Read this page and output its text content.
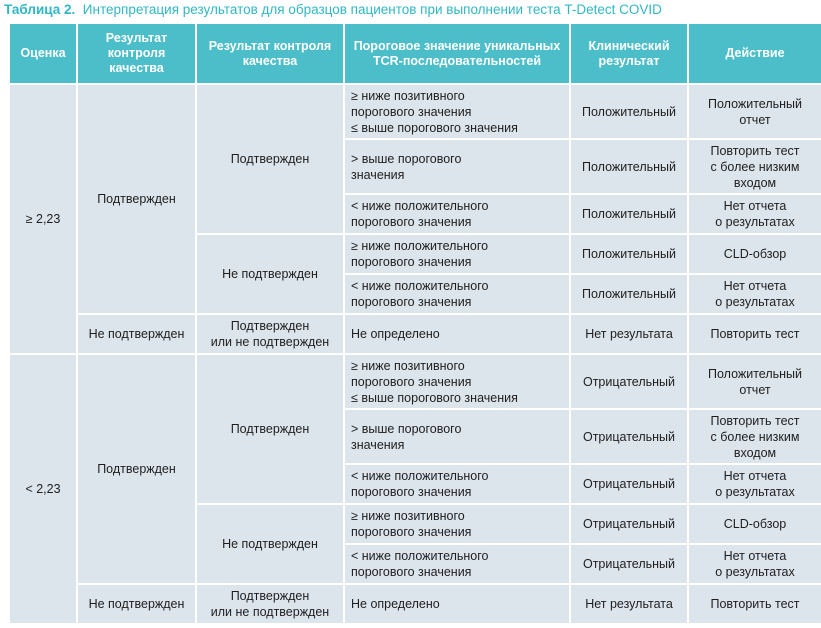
Таблица 2. Интерпретация результатов для образцов пациентов при выполнении теста T-Detect COVID
Оценка	Результат контроля качества	Результат контроля качества	Пороговое значение уникальных TCR-последовательностей	Клинический результат	Действие
≥ 2,23	Подтвержден	Подтвержден	≥ ниже позитивного
порогового значения
≤ выше порогового значения	Положительный	Положительный
отчет
			> выше порогового
значения	Положительный	Повторить тест
с более низким
входом
			< ниже положительного
порогового значения	Положительный	Нет отчета
о результатах
		Не подтвержден	≥ ниже положительного
порогового значения	Положительный	CLD-обзор
			< ниже положительного
порогового значения	Положительный	Нет отчета
о результатах
	Не подтвержден	Подтвержден
или не подтвержден	Не определено	Нет результата	Повторить тест
< 2,23	Подтвержден	Подтвержден	≥ ниже позитивного
порогового значения
≤ выше порогового значения	Отрицательный	Положительный
отчет
			> выше порогового
значения	Отрицательный	Повторить тест
с более низким
входом
			< ниже положительного
порогового значения	Отрицательный	Нет отчета
о результатах
		Не подтвержден	≥ ниже позитивного
порогового значения	Отрицательный	CLD-обзор
			< ниже положительного
порогового значения	Отрицательный	Нет отчета
о результатах
	Не подтвержден	Подтвержден
или не подтвержден	Не определено	Нет результата	Повторить тест
